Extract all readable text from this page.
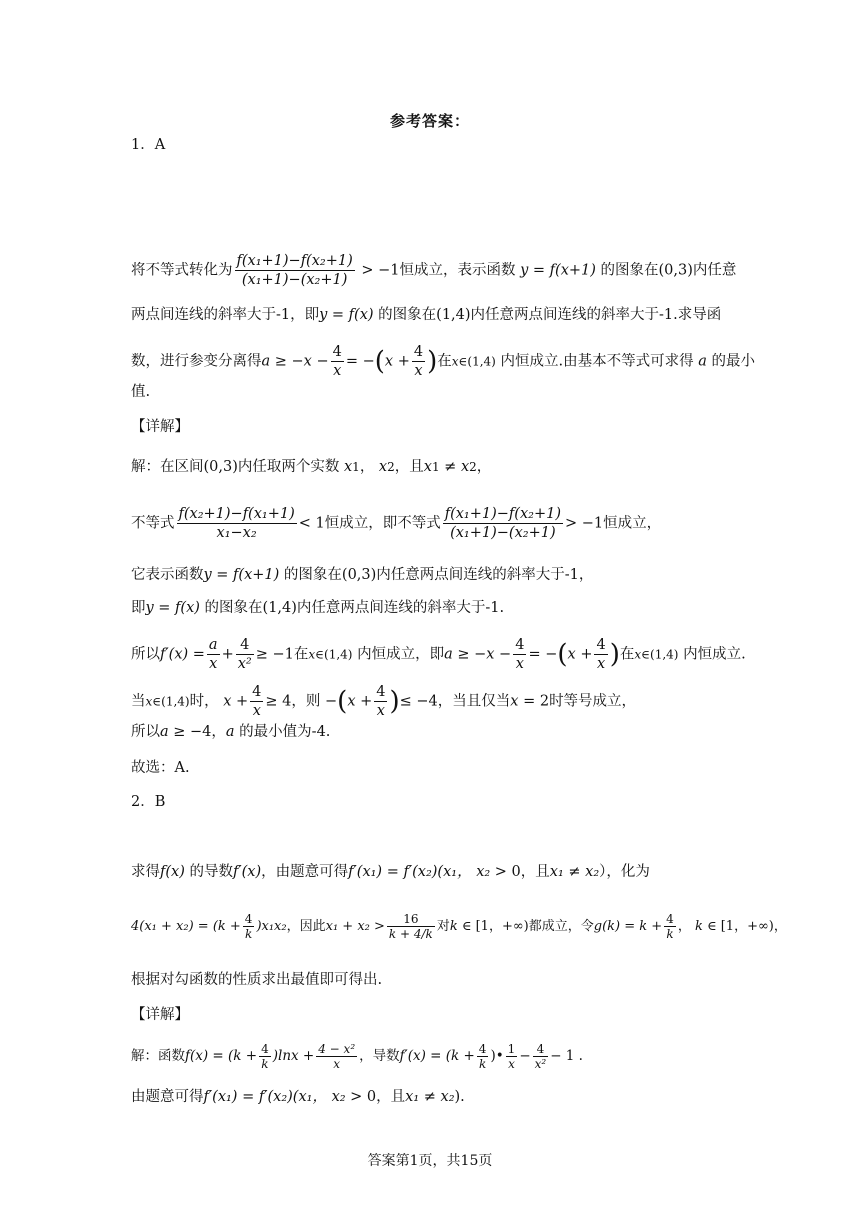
参考答案：
1．A
将不等式转化为 $\frac{\text{f(x₁+1)−f(x₂+1)}}{\text{(x₁+1)−(x₂+1)}} > -1$恒成立，表示函数 y = f(x+1) 的图象在(0,3)内任意
两点间连线的斜率大于-1，即y = f(x) 的图象在(1,4)内任意两点间连线的斜率大于-1.求导函
数，进行参变分离得$a \ge -x - \frac{4}{x} = -(x + \frac{4}{x}$ )在x∈(1,4) 内恒成立.由基本不等式可求得 a 的最小
值.
【详解】
解：在区间(0,3)内任取两个实数 x1， x2，且x1 ≠ x2，
不等式 $\frac{\text{f(x₂+1)−f(x₁+1)}}{\text{x₁−x₂}} < 1$恒成立，即不等式 $\frac{\text{f(x₁+1)−f(x₂+1)}}{\text{(x₁+1)−(x₂+1)}} > -1$恒成立，
它表示函数y = f(x+1) 的图象在(0,3)内任意两点间连线的斜率大于-1，
即y = f(x) 的图象在(1,4)内任意两点间连线的斜率大于-1.
所以$f'(x) = \frac{a}{x} + \frac{4}{\text{x²}} \ge -1$在x∈(1,4) 内恒成立，即$a \ge -x - \frac{4}{x} = -(x + \frac{4}{x}$ )在x∈(1,4) 内恒成立.
当x∈(1,4)时， $x + \frac{4}{x} \ge 4$，则 $-(x + \frac{4}{x}$ )≤ −4，当且仅当x = 2时等号成立，
所以a ≥ −4，a 的最小值为-4.
故选：A.
2．B
求得f(x) 的导数f′(x)，由题意可得f′(x₁) = f′(x₂)(x₁， x₂ > 0，且x₁ ≠ x₂），化为
$4(x_1 + x_2) = (k + \frac{4}{k} )x_1x_2$，因此$x_1 + x_2 > \frac{16}{k + 4/k}$ 对k ∈ [1，+∞)都成立，令$g(k) = k + \frac{4}{k}$ ， k ∈ [1，+∞)，
根据对勾函数的性质求出最值即可得出.
【详解】
解：函数$f(x) = (k + \frac{4}{k} )\ln x + \frac{\text{4 − x²}}{x}$ ，导数$f'(x) = (k + \frac{4}{k}$ )• $\frac{1}{x} - \frac{4}{\text{x²}} - 1$ .
由题意可得f′(x₁) = f′(x₂)(x₁， x₂ > 0，且x₁ ≠ x₂).
答案第1页，共15页
